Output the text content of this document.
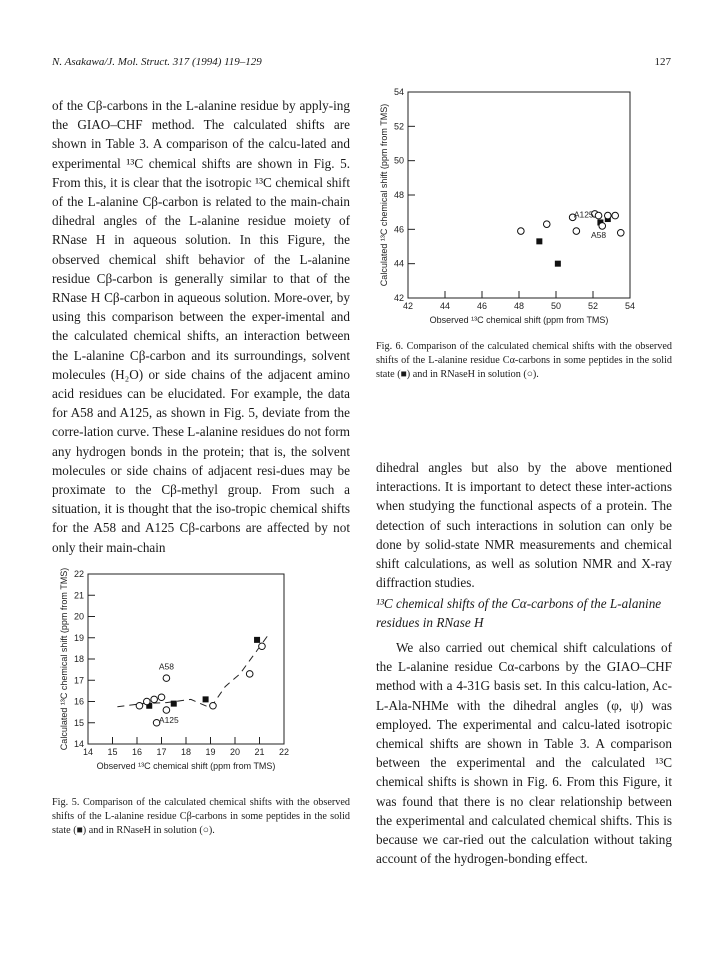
N. Asakawa/J. Mol. Struct. 317 (1994) 119–129	127

of the Cβ-carbons in the L-alanine residue by apply-ing the GIAO–CHF method. The calculated shifts are shown in Table 3. A comparison of the calcu-lated and experimental ¹³C chemical shifts are shown in Fig. 5. From this, it is clear that the isotropic ¹³C chemical shift of the L-alanine Cβ-carbon is related to the main-chain dihedral angles of the L-alanine residue moiety of RNase H in aqueous solution. In this Figure, the observed chemical shift behavior of the L-alanine residue Cβ-carbon is generally similar to that of the RNase H Cβ-carbon in aqueous solution. More-over, by using this comparison between the exper-imental and the calculated chemical shifts, an interaction between the L-alanine Cβ-carbon and its surroundings, solvent molecules (H₂O) or side chains of the adjacent amino acid residues can be elucidated. For example, the data for A58 and A125, as shown in Fig. 5, deviate from the corre-lation curve. These L-alanine residues do not form any hydrogen bonds in the protein; that is, the solvent molecules or side chains of adjacent resi-dues may be proximate to the Cβ-methyl group. From such a situation, it is thought that the iso-tropic chemical shifts for the A58 and A125 Cβ-carbons are affected by not only their main-chain

42	44	46	48	50	52	54
42
44
46
48
50
52
54
Observed ¹³C chemical shift (ppm from TMS)
Calculated ¹³C chemical shift (ppm from TMS)	A125
A58
Fig. 6. Comparison of the calculated chemical shifts with the observed shifts of the L-alanine residue Cα-carbons in some peptides in the solid state (■) and in RNaseH in solution (○).

dihedral angles but also by the above mentioned interactions. It is important to detect these inter-actions when studying the functional aspects of a protein. The detection of such interactions in solution can only be done by solid-state NMR measurements and chemical shift calculations, as well as solution NMR and X-ray diffraction studies.

¹³C chemical shifts of the Cα-carbons of the L-alanine residues in RNase H

We also carried out chemical shift calculations of the L-alanine residue Cα-carbons by the GIAO–CHF method with a 4-31G basis set. In this calcu-lation, Ac-L-Ala-NHMe with the dihedral angles (φ, ψ) was employed. The experimental and calcu-lated isotropic chemical shifts are shown in Table 3. A comparison between the experimental and the calculated ¹³C chemical shifts is shown in Fig. 6. From this Figure, it was found that there is no clear relationship between the experimental and calculated chemical shifts. This is because we car-ried out the calculation without taking account of the hydrogen-bonding effect.

14 15 16 17 18 19 20 21 22
14
15
16
17
18
19
20
21
22
Observed ¹³C chemical shift (ppm from TMS)
Calculated ¹³C chemical shift (ppm from TMS)	A58
A125
Fig. 5. Comparison of the calculated chemical shifts with the observed shifts of the L-alanine residue Cβ-carbons in some peptides in the solid state (■) and in RNaseH in solution (○).
